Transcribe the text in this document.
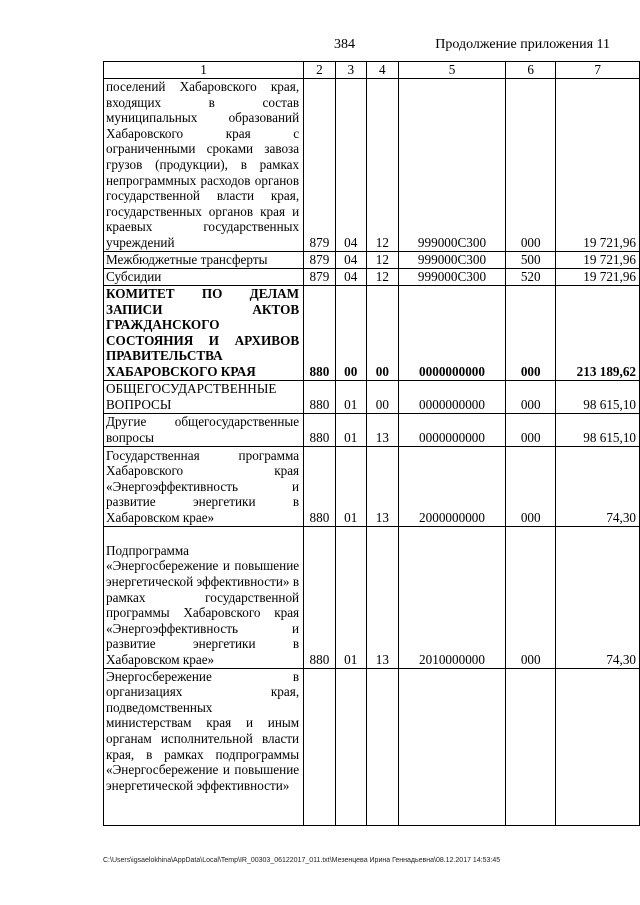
384	Продолжение приложения 11
1	2	3	4	5	6	7
поселений Хабаровского края, входящих в состав муниципальных образований Хабаровского края с ограниченными сроками завоза грузов (продукции), в рамках непрограммных расходов органов государственной власти края, государственных органов края и краевых государственных учреждений	879	04	12	999000С300	000	19 721,96
Межбюджетные трансферты	879	04	12	999000С300	500	19 721,96
Субсидии	879	04	12	999000С300	520	19 721,96
КОМИТЕТ ПО ДЕЛАМ ЗАПИСИ АКТОВ ГРАЖДАНСКОГО СОСТОЯНИЯ И АРХИВОВ ПРАВИТЕЛЬСТВА ХАБАРОВСКОГО КРАЯ	880	00	00	0000000000	000	213 189,62
ОБЩЕГОСУДАРСТВЕННЫЕ ВОПРОСЫ	880	01	00	0000000000	000	98 615,10
Другие общегосударственные вопросы	880	01	13	0000000000	000	98 615,10
Государственная программа Хабаровского края «Энергоэффективность и развитие энергетики в Хабаровском крае»	880	01	13	2000000000	000	74,30
Подпрограмма «Энергосбережение и повышение энергетической эффективности» в рамках государственной программы Хабаровского края «Энергоэффективность и развитие энергетики в Хабаровском крае»	880	01	13	2010000000	000	74,30
Энергосбережение в организациях края, подведомственных министерствам края и иным органам исполнительной власти края, в рамках подпрограммы «Энергосбережение и повышение энергетической эффективности»						
C:\Users\igsaelokhina\AppData\Local\Temp\IR_00303_06122017_011.txt\Мезенцева Ирина Геннадьевна\08.12.2017 14:53:45
